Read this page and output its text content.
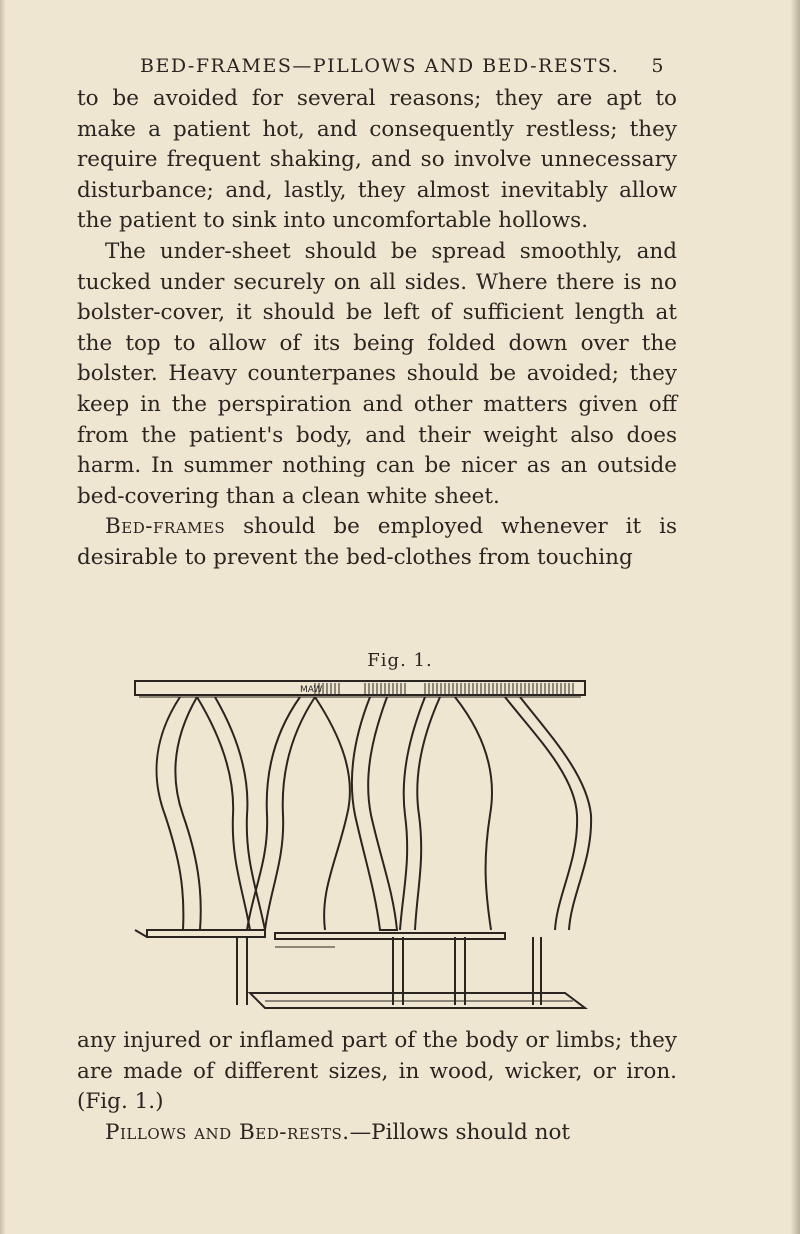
BED-FRAMES—PILLOWS AND BED-RESTS. 5

to be avoided for several reasons; they are apt to make a patient hot, and consequently restless; they require frequent shaking, and so involve unnecessary disturbance; and, lastly, they almost inevitably allow the patient to sink into uncomfortable hollows.

The under-sheet should be spread smoothly, and tucked under securely on all sides. Where there is no bolster-cover, it should be left of sufficient length at the top to allow of its being folded down over the bolster. Heavy counterpanes should be avoided; they keep in the perspiration and other matters given off from the patient's body, and their weight also does harm. In summer nothing can be nicer as an outside bed-covering than a clean white sheet.

Bed-frames should be employed whenever it is desirable to prevent the bed-clothes from touching

Fig. 1.
MAW

any injured or inflamed part of the body or limbs; they are made of different sizes, in wood, wicker, or iron. (Fig. 1.)

Pillows and Bed-rests.—Pillows should not
